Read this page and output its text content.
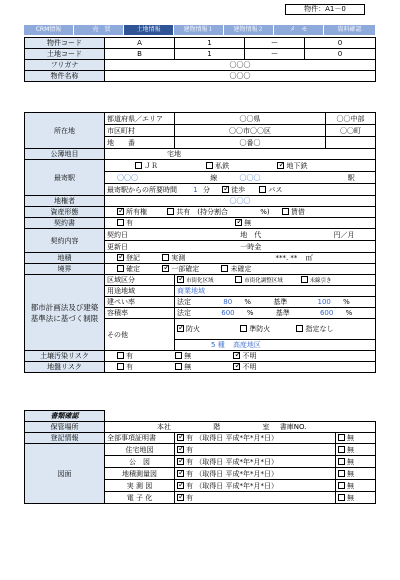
物件：A1－0
CRM情報	　売　買	土地情報	建物情報１	建物情報２	メ　モ	資料確認
物件コード	A	1	ー	0
土地コード	B	1	ー	0
フリガナ	〇〇〇			
物件名称	〇〇〇			
所在地	都道府県／エリア	〇〇県	〇〇中部
	市区町村	〇〇市〇〇区	〇〇町
	地　　番	〇番〇	
公簿地目	宅地		
最寄駅	ＪＲ 私鉄 ✓ 地下鉄
	〇〇〇 線 〇〇〇 駅		
	最寄駅からの所要時間 1 分 ✓ 徒歩 バス
地権者	〇〇〇		
資産形態	✓所有権 共有　(持分割合 %) 賃借
契約書	有 ✓ 無
契約内容	契約日 地　代 円／月		
	更新日 一時金		
地積	✓登記 実測 ***. ** ㎡
境界	確定 ✓ 一部確定 未確定
都市計画法及び建築基準法に基づく制限	区域区分	✓市街化区域 市街化調整区域 未線引き
	用途地域	商業地域	
	建ぺい率	法定 80 % 基準 100 %	
	容積率	法定 600 % 基準 600 %	
	その他	✓防火 準防火 指定なし
		5 種 高度地区	
土壌汚染リスク	有 無 ✓ 不明
地盤リスク	有 無 ✓ 不明
書類確認			
保管場所	本社 階 室 書庫NO.		
登記情報	全部事項証明書	✓有 （取得日 平成*年*月*日）	無
図面	住宅地図	✓有	無
	公　図	✓有 （取得日 平成*年*月*日）	無
	地積測量図	✓有 （取得日 平成*年*月*日）	無
	実 測 図	✓有 （取得日 平成*年*月*日）	無
	電 子 化	✓有	無
